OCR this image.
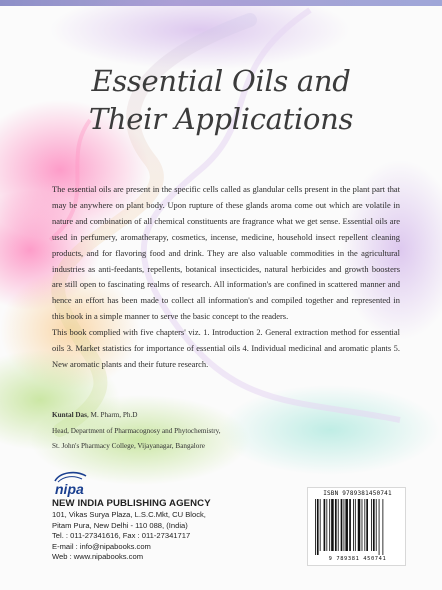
Essential Oils and
Their Applications

The essential oils are present in the specific cells called as glandular cells present in the plant part that may be anywhere on plant body. Upon rupture of these glands aroma come out which are volatile in nature and combination of all chemical constituents are fragrance what we get sense. Essential oils are used in perfumery, aromatherapy, cosmetics, incense, medicine, household insect repellent cleaning products, and for flavoring food and drink. They are also valuable commodities in the agricultural industries as anti-feedants, repellents, botanical insecticides, natural herbicides and growth boosters are still open to fascinating realms of research. All information's are confined in scattered manner and hence an effort has been made to collect all information's and compiled together and represented in this book in a simple manner to serve the basic concept to the readers.

This book complied with five chapters' viz. 1. Introduction 2. General extraction method for essential oils 3. Market statistics for importance of essential oils 4. Individual medicinal and aromatic plants 5. New aromatic plants and their future research.

Kuntal Das, M. Pharm, Ph.D
Head, Department of Pharmacognosy and Phytochemistry,
St. John's Pharmacy College, Vijayanagar, Bangalore
nipa
NEW INDIA PUBLISHING AGENCY
101, Vikas Surya Plaza, L.S.C.Mkt, CU Block,
Pitam Pura, New Delhi - 110 088, (India)
Tel. : 011-27341616, Fax : 011-27341717
E-mail : info@nipabooks.com
Web : www.nipabooks.com
ISBN 9789381450741
9 789381 450741
